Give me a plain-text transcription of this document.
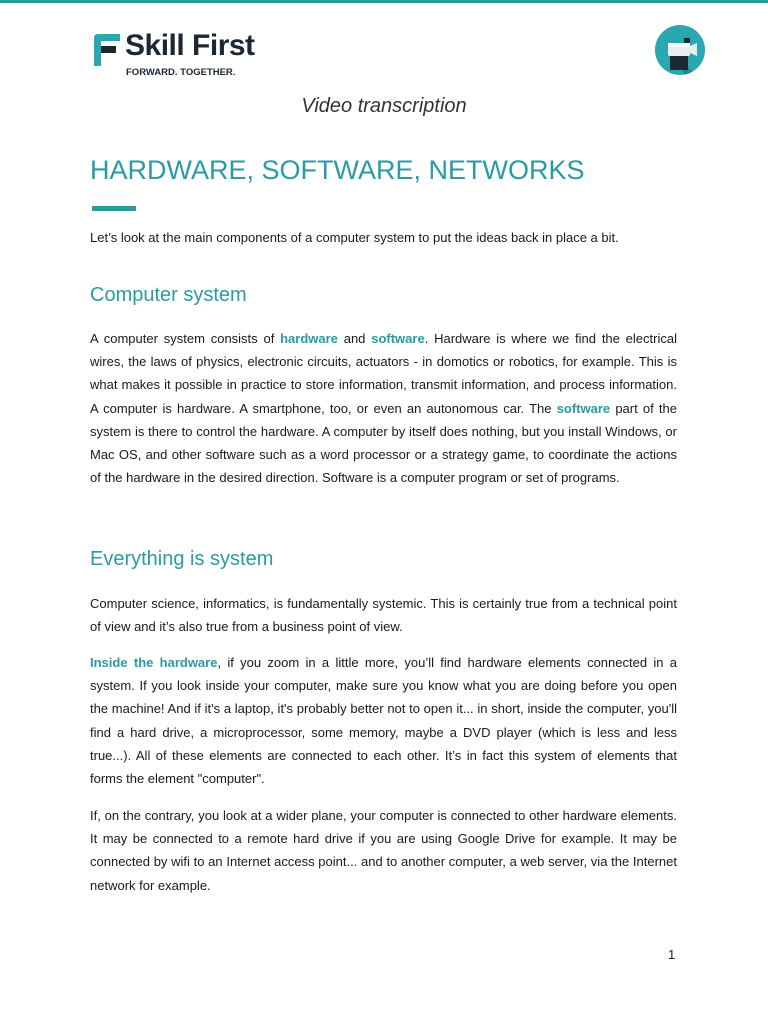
Skill First
FORWARD. TOGETHER.
Video transcription
HARDWARE, SOFTWARE, NETWORKS

Let’s look at the main components of a computer system to put the ideas back in place a bit.

Computer system

A computer system consists of hardware and software. Hardware is where we find the electrical wires, the laws of physics, electronic circuits, actuators - in domotics or robotics, for example. This is what makes it possible in practice to store information, transmit information, and process information. A computer is hardware. A smartphone, too, or even an autonomous car. The software part of the system is there to control the hardware. A computer by itself does nothing, but you install Windows, or Mac OS, and other software such as a word processor or a strategy game, to coordinate the actions of the hardware in the desired direction. Software is a computer program or set of programs.

Everything is system

Computer science, informatics, is fundamentally systemic. This is certainly true from a technical point of view and it’s also true from a business point of view.

Inside the hardware, if you zoom in a little more, you’ll find hardware elements connected in a system. If you look inside your computer, make sure you know what you are doing before you open the machine! And if it's a laptop, it's probably better not to open it... in short, inside the computer, you'll find a hard drive, a microprocessor, some memory, maybe a DVD player (which is less and less true...). All of these elements are connected to each other. It’s in fact this system of elements that forms the element "computer".

If, on the contrary, you look at a wider plane, your computer is connected to other hardware elements. It may be connected to a remote hard drive if you are using Google Drive for example. It may be connected by wifi to an Internet access point... and to another computer, a web server, via the Internet network for example.

1
